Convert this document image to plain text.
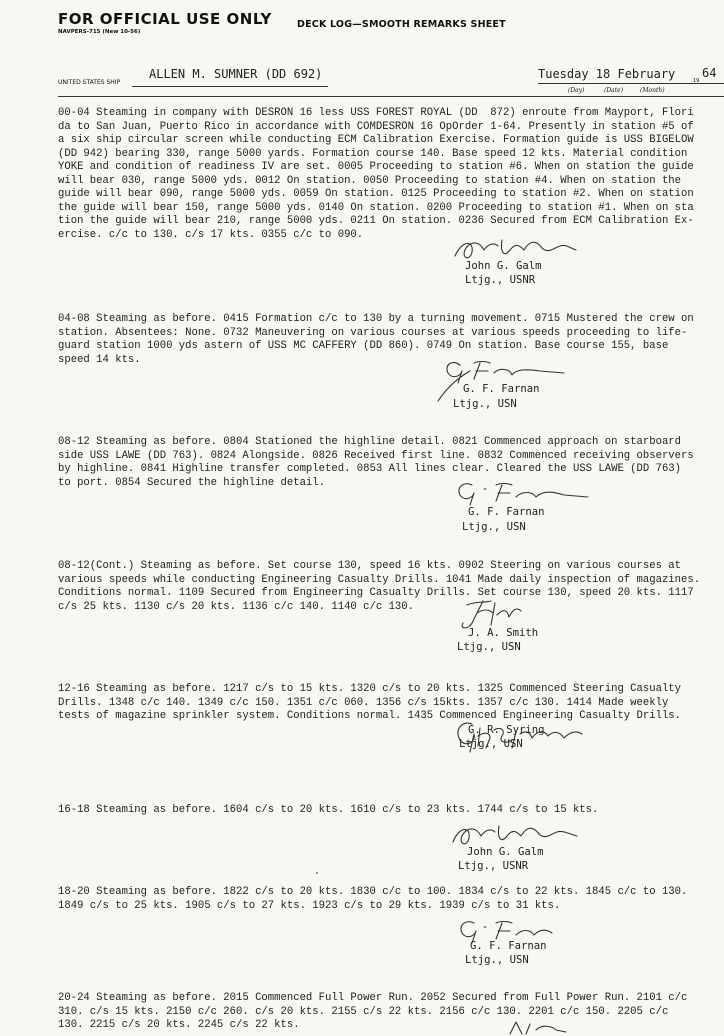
FOR OFFICIAL USE ONLY
NAVPERS-715 (New 10-56)
DECK LOG—SMOOTH REMARKS SHEET
UNITED STATES SHIP
ALLEN M. SUMNER (DD 692)	Tuesday 18 February	19
64
(Day)	(Date)	(Month)
00-04 Steaming in company with DESRON 16 less USS FOREST ROYAL (DD  872) enroute from Mayport, Flori
da to San Juan, Puerto Rico in accordance with COMDESRON 16 OpOrder 1-64. Presently in station #5 of
a six ship circular screen while conducting ECM Calibration Exercise. Formation guide is USS BIGELOW
(DD 942) bearing 330, range 5000 yards. Formation course 140. Base speed 12 kts. Material condition
YOKE and condition of readiness IV are set. 0005 Proceeding to station #6. When on station the guide
will bear 030, range 5000 yds. 0012 On station. 0050 Proceeding to station #4. When on station the
guide will bear 090, range 5000 yds. 0059 On station. 0125 Proceeding to station #2. When on station
the guide will bear 150, range 5000 yds. 0140 On station. 0200 Proceeding to station #1. When on sta
tion the guide will bear 210, range 5000 yds. 0211 On station. 0236 Secured from ECM Calibration Ex-
ercise. c/c to 130. c/s 17 kts. 0355 c/c to 090.
John G. Galm
Ltjg., USNR
04-08 Steaming as before. 0415 Formation c/c to 130 by a turning movement. 0715 Mustered the crew on
station. Absentees: None. 0732 Maneuvering on various courses at various speeds proceeding to life-
guard station 1000 yds astern of USS MC CAFFERY (DD 860). 0749 On station. Base course 155, base
speed 14 kts.
G. F. Farnan
Ltjg., USN
08-12 Steaming as before. 0804 Stationed the highline detail. 0821 Commenced approach on starboard
side USS LAWE (DD 763). 0824 Alongside. 0826 Received first line. 0832 Commenced receiving observers
by highline. 0841 Highline transfer completed. 0853 All lines clear. Cleared the USS LAWE (DD 763)
to port. 0854 Secured the highline detail.
G. F. Farnan
Ltjg., USN
08-12(Cont.) Steaming as before. Set course 130, speed 16 kts. 0902 Steering on various courses at
various speeds while conducting Engineering Casualty Drills. 1041 Made daily inspection of magazines.
Conditions normal. 1109 Secured from Engineering Casualty Drills. Set course 130, speed 20 kts. 1117
c/s 25 kts. 1130 c/s 20 kts. 1136 c/c 140. 1140 c/c 130.
J. A. Smith
Ltjg., USN
12-16 Steaming as before. 1217 c/s to 15 kts. 1320 c/s to 20 kts. 1325 Commenced Steering Casualty
Drills. 1348 c/c 140. 1349 c/c 150. 1351 c/c 060. 1356 c/s 15kts. 1357 c/c 130. 1414 Made weekly
tests of magazine sprinkler system. Conditions normal. 1435 Commenced Engineering Casualty Drills.
G. R. Syring
Ltjg., USN
16-18 Steaming as before. 1604 c/s to 20 kts. 1610 c/s to 23 kts. 1744 c/s to 15 kts.
John G. Galm
Ltjg., USNR
18-20 Steaming as before. 1822 c/s to 20 kts. 1830 c/c to 100. 1834 c/s to 22 kts. 1845 c/c to 130.
1849 c/s to 25 kts. 1905 c/s to 27 kts. 1923 c/s to 29 kts. 1939 c/s to 31 kts.
G. F. Farnan
Ltjg., USN
20-24 Steaming as before. 2015 Commenced Full Power Run. 2052 Secured from Full Power Run. 2101 c/c
310. c/s 15 kts. 2150 c/c 260. c/s 20 kts. 2155 c/s 22 kts. 2156 c/c 130. 2201 c/c 150. 2205 c/c
130. 2215 c/s 20 kts. 2245 c/s 22 kts.
